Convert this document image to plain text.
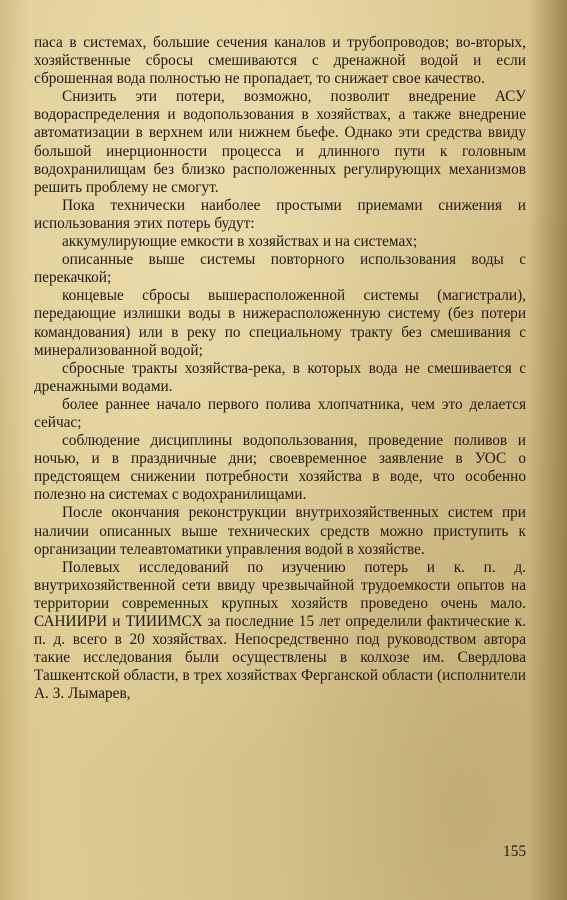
паса в системах, большие сечения каналов и трубопроводов; во-вторых, хозяйственные сбросы смешиваются с дренажной водой и если сброшенная вода полностью не пропадает, то снижает свое качество.

Снизить эти потери, возможно, позволит внедрение АСУ водораспределения и водопользования в хозяйствах, а также внедрение автоматизации в верхнем или нижнем бьефе. Однако эти средства ввиду большой инерционности процесса и длинного пути к головным водохранилищам без близко расположенных регулирующих механизмов решить проблему не смогут.

Пока технически наиболее простыми приемами снижения и использования этих потерь будут:

аккумулирующие емкости в хозяйствах и на системах;

описанные выше системы повторного использования воды с перекачкой;

концевые сбросы вышерасположенной системы (магистрали), передающие излишки воды в нижерасположенную систему (без потери командования) или в реку по специальному тракту без смешивания с минерализованной водой;

сбросные тракты хозяйства-река, в которых вода не смешивается с дренажными водами.

более раннее начало первого полива хлопчатника, чем это делается сейчас;

соблюдение дисциплины водопользования, проведение поливов и ночью, и в праздничные дни; своевременное заявление в УОС о предстоящем снижении потребности хозяйства в воде, что особенно полезно на системах с водохранилищами.

После окончания реконструкции внутрихозяйственных систем при наличии описанных выше технических средств можно приступить к организации телеавтоматики управления водой в хозяйстве.

Полевых исследований по изучению потерь и к. п. д. внутрихозяйственной сети ввиду чрезвычайной трудоемкости опытов на территории современных крупных хозяйств проведено очень мало. САНИИРИ и ТИИИМСХ за последние 15 лет определили фактические к. п. д. всего в 20 хозяйствах. Непосредственно под руководством автора такие исследования были осуществлены в колхозе им. Свердлова Ташкентской области, в трех хозяйствах Ферганской области (исполнители А. З. Лымарев,

155
